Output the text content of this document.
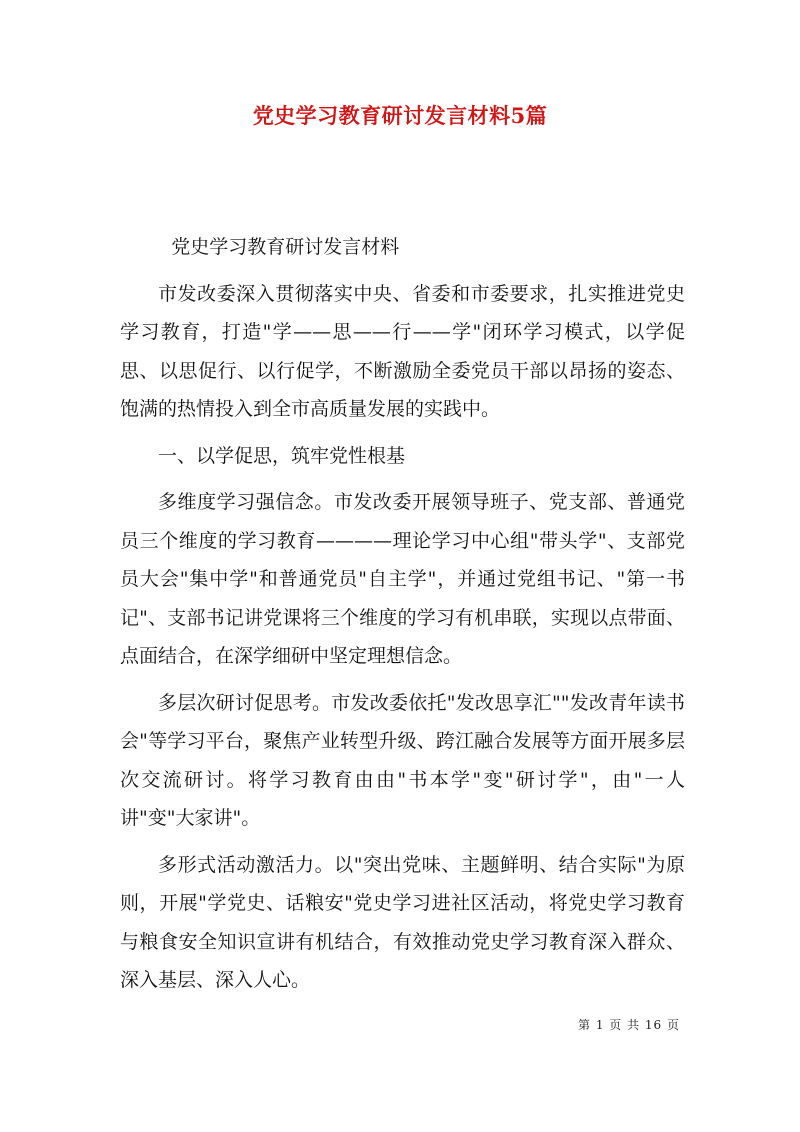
党史学习教育研讨发言材料5篇

党史学习教育研讨发言材料

市发改委深入贯彻落实中央、省委和市委要求，扎实推进党史学习教育，打造"学——思——行——学"闭环学习模式，以学促思、以思促行、以行促学，不断激励全委党员干部以昂扬的姿态、饱满的热情投入到全市高质量发展的实践中。

一、以学促思，筑牢党性根基

多维度学习强信念。市发改委开展领导班子、党支部、普通党员三个维度的学习教育————理论学习中心组"带头学"、支部党员大会"集中学"和普通党员"自主学"，并通过党组书记、"第一书记"、支部书记讲党课将三个维度的学习有机串联，实现以点带面、点面结合，在深学细研中坚定理想信念。

多层次研讨促思考。市发改委依托"发改思享汇""发改青年读书会"等学习平台，聚焦产业转型升级、跨江融合发展等方面开展多层次交流研讨。将学习教育由由"书本学"变"研讨学"，由"一人讲"变"大家讲"。

多形式活动激活力。以"突出党味、主题鲜明、结合实际"为原则，开展"学党史、话粮安"党史学习进社区活动，将党史学习教育与粮食安全知识宣讲有机结合，有效推动党史学习教育深入群众、深入基层、深入人心。

第 1 页 共 16 页
